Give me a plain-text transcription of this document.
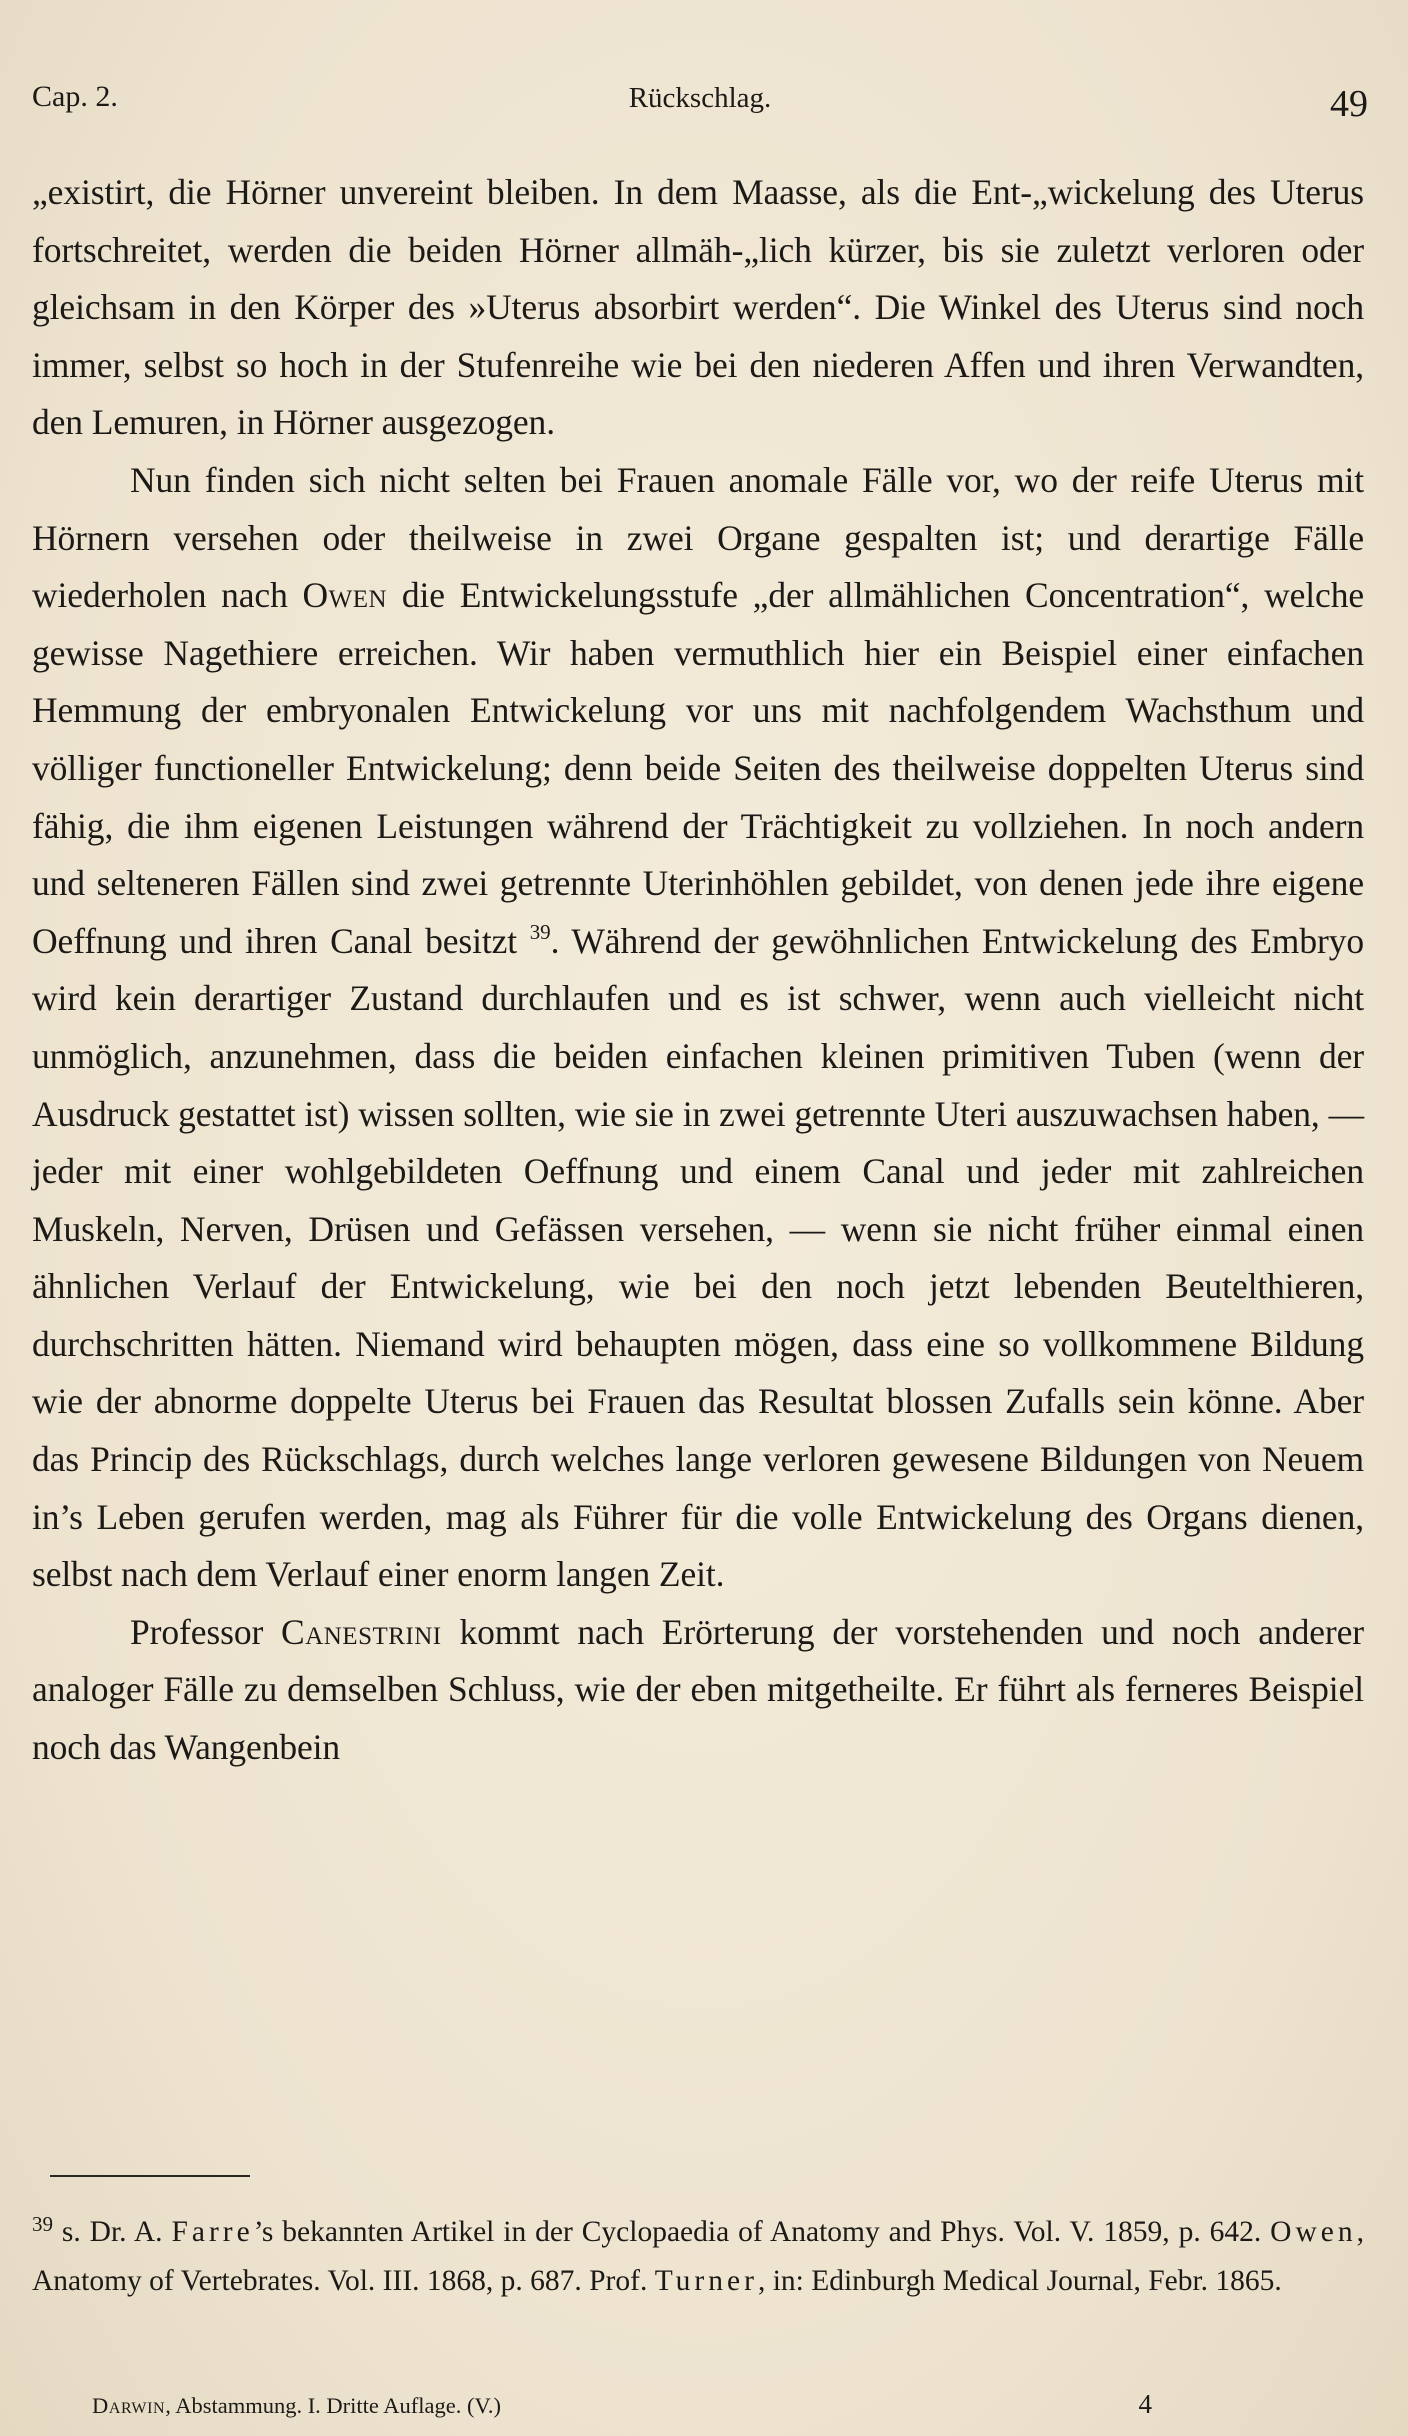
Cap. 2.	Rückschlag.	49

„existirt, die Hörner unvereint bleiben. In dem Maasse, als die Ent-„wickelung des Uterus fortschreitet, werden die beiden Hörner allmäh-„lich kürzer, bis sie zuletzt verloren oder gleichsam in den Körper des »Uterus absorbirt werden“. Die Winkel des Uterus sind noch immer, selbst so hoch in der Stufenreihe wie bei den niederen Affen und ihren Verwandten, den Lemuren, in Hörner ausgezogen.

Nun finden sich nicht selten bei Frauen anomale Fälle vor, wo der reife Uterus mit Hörnern versehen oder theilweise in zwei Organe gespalten ist; und derartige Fälle wiederholen nach Owen die Entwickelungsstufe „der allmählichen Concentration“, welche gewisse Nagethiere erreichen. Wir haben vermuthlich hier ein Beispiel einer einfachen Hemmung der embryonalen Entwickelung vor uns mit nachfolgendem Wachsthum und völliger functioneller Entwickelung; denn beide Seiten des theilweise doppelten Uterus sind fähig, die ihm eigenen Leistungen während der Trächtigkeit zu vollziehen. In noch andern und selteneren Fällen sind zwei getrennte Uterinhöhlen gebildet, von denen jede ihre eigene Oeffnung und ihren Canal besitzt $^{39}$. Während der gewöhnlichen Entwickelung des Embryo wird kein derartiger Zustand durchlaufen und es ist schwer, wenn auch vielleicht nicht unmöglich, anzunehmen, dass die beiden einfachen kleinen primitiven Tuben (wenn der Ausdruck gestattet ist) wissen sollten, wie sie in zwei getrennte Uteri auszuwachsen haben, — jeder mit einer wohlgebildeten Oeffnung und einem Canal und jeder mit zahlreichen Muskeln, Nerven, Drüsen und Gefässen versehen, — wenn sie nicht früher einmal einen ähnlichen Verlauf der Entwickelung, wie bei den noch jetzt lebenden Beutelthieren, durchschritten hätten. Niemand wird behaupten mögen, dass eine so vollkommene Bildung wie der abnorme doppelte Uterus bei Frauen das Resultat blossen Zufalls sein könne. Aber das Princip des Rückschlags, durch welches lange verloren gewesene Bildungen von Neuem in’s Leben gerufen werden, mag als Führer für die volle Entwickelung des Organs dienen, selbst nach dem Verlauf einer enorm langen Zeit.

Professor Canestrini kommt nach Erörterung der vorstehenden und noch anderer analoger Fälle zu demselben Schluss, wie der eben mitgetheilte. Er führt als ferneres Beispiel noch das Wangenbein

$^{39}$ s. Dr. A. Farre’s bekannten Artikel in der Cyclopaedia of Anatomy and Phys. Vol. V. 1859, p. 642. Owen, Anatomy of Vertebrates. Vol. III. 1868, p. 687. Prof. Turner, in: Edinburgh Medical Journal, Febr. 1865.
Darwin, Abstammung. I. Dritte Auflage. (V.)	4
